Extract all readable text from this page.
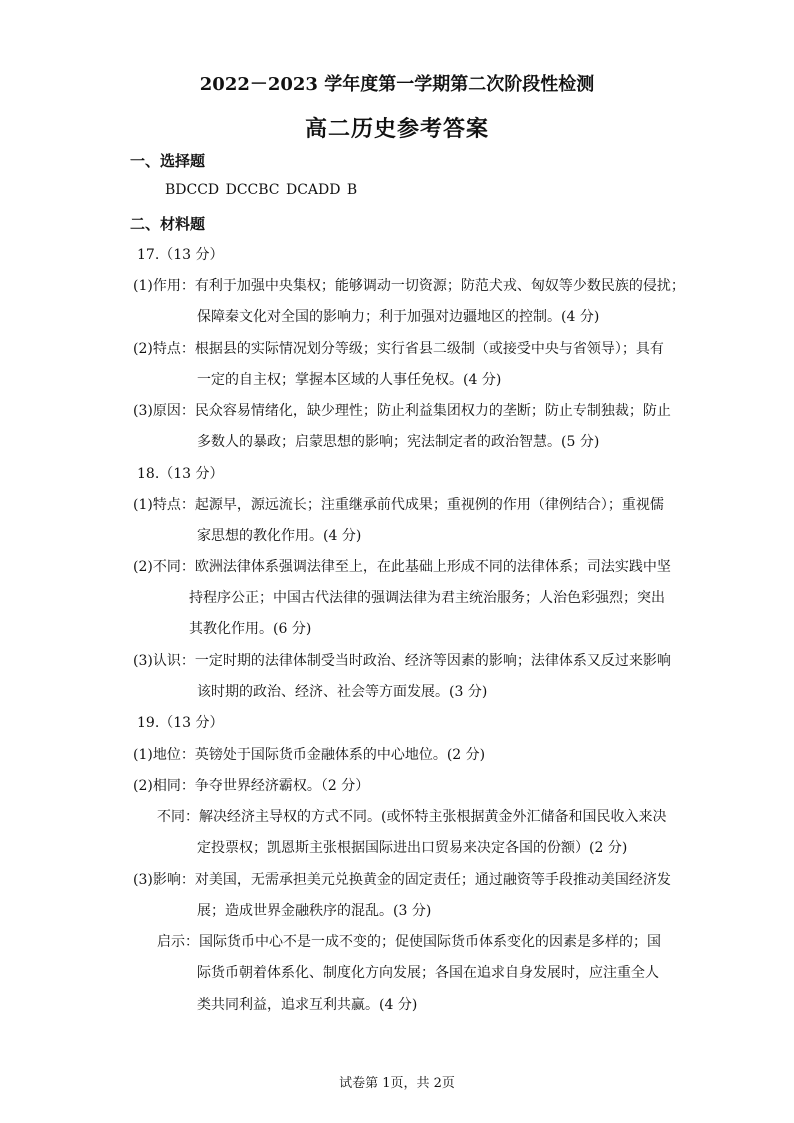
2022－2023 学年度第一学期第二次阶段性检测
高二历史参考答案
一、选择题
BDCCD DCCBC DCADD B
二、材料题
17.（13 分）
(1)作用：有利于加强中央集权；能够调动一切资源；防范犬戎、匈奴等少数民族的侵扰；
保障秦文化对全国的影响力；利于加强对边疆地区的控制。(4 分)
(2)特点：根据县的实际情况划分等级；实行省县二级制（或接受中央与省领导）；具有
一定的自主权；掌握本区域的人事任免权。(4 分)
(3)原因：民众容易情绪化，缺少理性；防止利益集团权力的垄断；防止专制独裁；防止
多数人的暴政；启蒙思想的影响；宪法制定者的政治智慧。(5 分)
18.（13 分）
(1)特点：起源早，源远流长；注重继承前代成果；重视例的作用（律例结合）；重视儒
家思想的教化作用。(4 分)
(2)不同：欧洲法律体系强调法律至上，在此基础上形成不同的法律体系；司法实践中坚
持程序公正；中国古代法律的强调法律为君主统治服务；人治色彩强烈；突出
其教化作用。(6 分)
(3)认识：一定时期的法律体制受当时政治、经济等因素的影响；法律体系又反过来影响
该时期的政治、经济、社会等方面发展。(3 分)
19.（13 分）
(1)地位：英镑处于国际货币金融体系的中心地位。(2 分)
(2)相同：争夺世界经济霸权。（2 分）
不同：解决经济主导权的方式不同。(或怀特主张根据黄金外汇储备和国民收入来决
定投票权；凯恩斯主张根据国际进出口贸易来决定各国的份额）(2 分)
(3)影响：对美国，无需承担美元兑换黄金的固定责任；通过融资等手段推动美国经济发
展；造成世界金融秩序的混乱。(3 分)
启示：国际货币中心不是一成不变的；促使国际货币体系变化的因素是多样的；国
际货币朝着体系化、制度化方向发展；各国在追求自身发展时，应注重全人
类共同利益，追求互利共赢。(4 分)
试卷第 1页，共 2页
